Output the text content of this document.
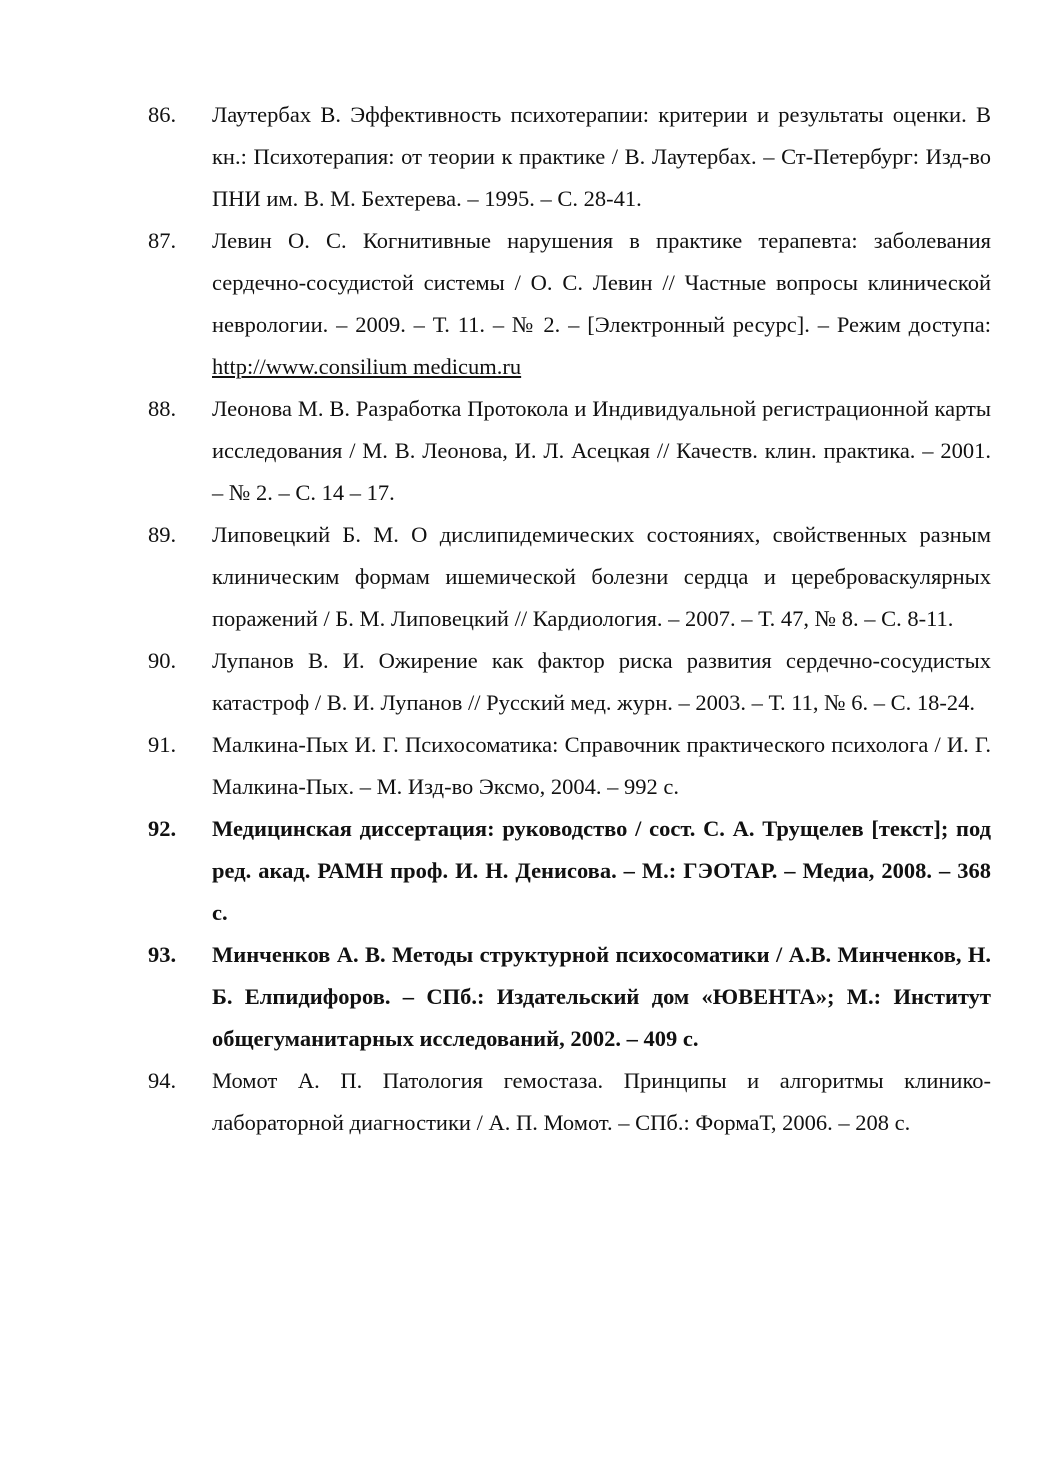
86.	Лаутербах В. Эффективность психотерапии: критерии и результаты оценки. В кн.: Психотерапия: от теории к практике / В. Лаутербах. – Ст-Петербург: Изд-во ПНИ им. В. М. Бехтерева. – 1995. – С. 28-41.
87.	Левин О. С. Когнитивные нарушения в практике терапевта: заболевания сердечно-сосудистой системы / О. С. Левин // Частные вопросы клинической неврологии. – 2009. – Т. 11. – № 2. – [Электронный ресурс]. – Режим доступа: http://www.consilium medicum.ru
88.	Леонова М. В. Разработка Протокола и Индивидуальной регистрационной карты исследования / М. В. Леонова, И. Л. Асецкая // Качеств. клин. практика. – 2001. – № 2. – С. 14 – 17.
89.	Липовецкий Б. М. О дислипидемических состояниях, свойственных разным клиническим формам ишемической болезни сердца и цереброваскулярных поражений / Б. М. Липовецкий // Кардиология. – 2007. – Т. 47, № 8. – С. 8-11.
90.	Лупанов В. И. Ожирение как фактор риска развития сердечно-сосудистых катастроф / В. И. Лупанов // Русский мед. журн. – 2003. – Т. 11, № 6. – С. 18-24.
91.	Малкина-Пых И. Г. Психосоматика: Справочник практического психолога / И. Г. Малкина-Пых. – М. Изд-во Эксмо, 2004. – 992 с.
92.	Медицинская диссертация: руководство / сост. С. А. Трущелев [текст]; под ред. акад. РАМН проф. И. Н. Денисова. – М.: ГЭОТАР. – Медиа, 2008. – 368 с.
93.	Минченков А. В. Методы структурной психосоматики / А.В. Минченков, Н. Б. Елпидифоров. – СПб.: Издательский дом «ЮВЕНТА»; М.: Институт общегуманитарных исследований, 2002. – 409 с.
94.	Момот А. П. Патология гемостаза. Принципы и алгоритмы клинико-лабораторной диагностики / А. П. Момот. – СПб.: ФормаТ, 2006. – 208 с.
